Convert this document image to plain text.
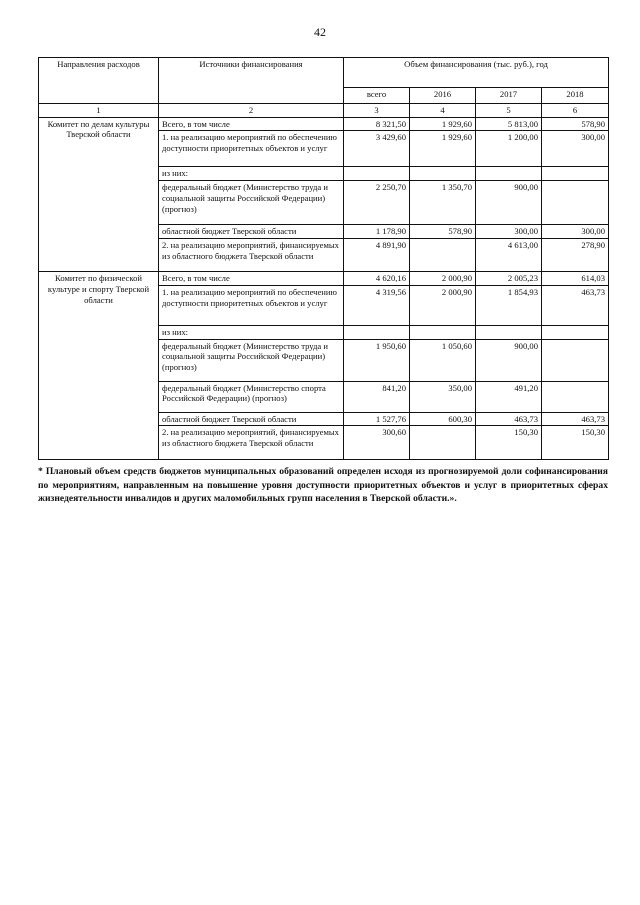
42
Направления расходов	Источники финансирования	Объем финансирования (тыс. руб.), год			
		всего	2016	2017	2018
1	2	3	4	5	6
Комитет по делам культуры Тверской области	Всего, в том числе	8 321,50	1 929,60	5 813,00	578,90
	1. на реализацию мероприятий по обеспечению доступности приоритетных объектов и услуг	3 429,60	1 929,60	1 200,00	300,00
	из них:				
	федеральный бюджет (Министерство труда и социальной защиты Российской Федерации) (прогноз)	2 250,70	1 350,70	900,00	
	областной бюджет Тверской области	1 178,90	578,90	300,00	300,00
	2. на реализацию мероприятий, финансируемых из областного бюджета Тверской области	4 891,90		4 613,00	278,90
Комитет по физической культуре и спорту Тверской области	Всего, в том числе	4 620,16	2 000,90	2 005,23	614,03
	1. на реализацию мероприятий по обеспечению доступности приоритетных объектов и услуг	4 319,56	2 000,90	1 854,93	463,73
	из них:				
	федеральный бюджет (Министерство труда и социальной защиты Российской Федерации) (прогноз)	1 950,60	1 050,60	900,00	
	федеральный бюджет (Министерство спорта Российской Федерации) (прогноз)	841,20	350,00	491,20	
	областной бюджет Тверской области	1 527,76	600,30	463,73	463,73
	2. на реализацию мероприятий, финансируемых из областного бюджета Тверской области	300,60		150,30	150,30
* Плановый объем средств бюджетов муниципальных образований определен исходя из прогнозируемой доли софинансирования по мероприятиям, направленным на повышение уровня доступности приоритетных объектов и услуг в приоритетных сферах жизнедеятельности инвалидов и других маломобильных групп населения в Тверской области.».
